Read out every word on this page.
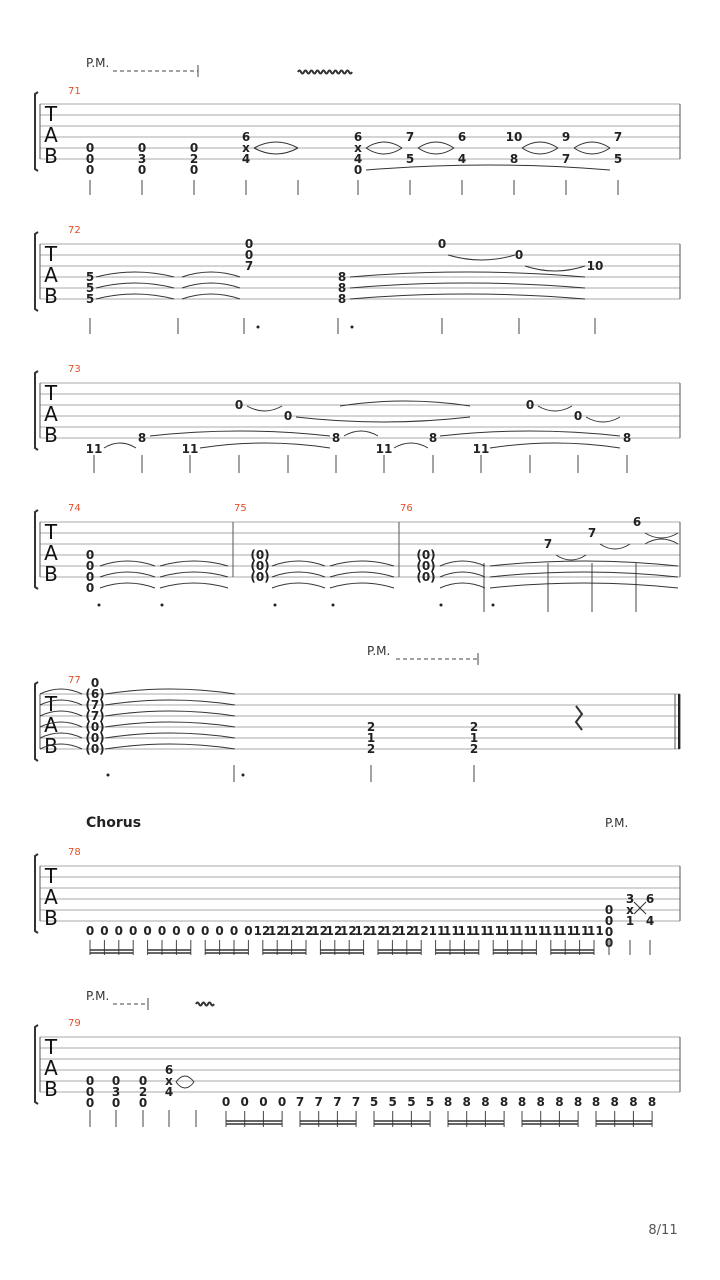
T
A
B
71
P.M.
0
0
0
0
3
0
0
2
0
6
x
4
6
x
4
0
7
5
6
4
10
8
9
7
7
5
T
A
B
72
5
5
5
0
0
7
8
8
8
0
0
10
T
A
B
73
11
8
11
0
0
8
11
8
11
0
0
8
T
A
B
74	75	76
0
0
0
0
(0)
(0)
(0)
(0)
(0)
(0)
7
7
6
T
A
B
77
P.M.
0
(6)
(7)
(7)
(0)
(0)
(0)
2
1
2
2
1
2
T
A
B
Chorus
78
P.M.
0 0 0 0 0 0 0 0 0 0 0 0 12
12
12
12
12
12
12
12
12
12
12
12 11
11
11
11
11
11
11
11
11
11
11
11
0
0
0
0
3
x
1
6
4
T
A
B
79
P.M.
0
0
0
0
3
0
0
2
0
6
x
4
0 0 0 0 7 7 7 7 5 5 5 5 8 8 8 8 8 8 8 8 8 8 8 8
8/11
